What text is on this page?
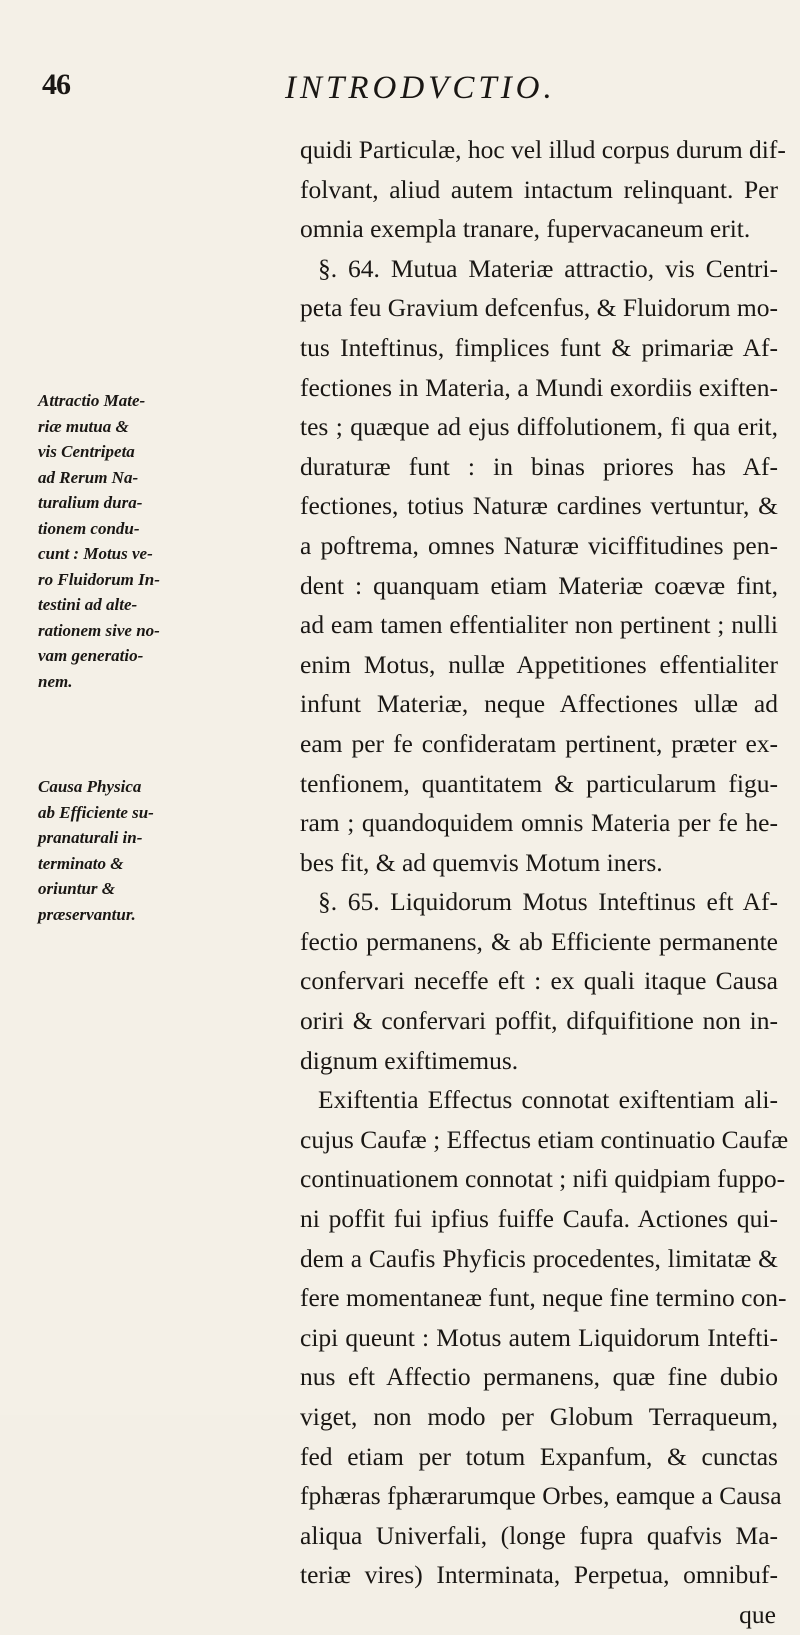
46	INTRODVCTIO.
Attractio Mate-
riæ mutua &
vis Centripeta
ad Rerum Na-
turalium dura-
tionem condu-
cunt : Motus ve-
ro Fluidorum In-
testini ad alte-
rationem sive no-
vam generatio-
nem.
Causa Physica
ab Efficiente su-
pranaturali in-
terminato &
oriuntur &
præservantur.
quidi Particulæ, hoc vel illud corpus durum dif-
folvant, aliud autem intactum relinquant. Per
omnia exempla tranare, fupervacaneum erit.
§. 64. Mutua Materiæ attractio, vis Centri-
peta feu Gravium defcenfus, & Fluidorum mo-
tus Inteftinus, fimplices funt & primariæ Af-
fectiones in Materia, a Mundi exordiis exiften-
tes ; quæque ad ejus diffolutionem, fi qua erit,
duraturæ funt : in binas priores has Af-
fectiones, totius Naturæ cardines vertuntur, &
a poftrema, omnes Naturæ viciffitudines pen-
dent : quanquam etiam Materiæ coævæ fint,
ad eam tamen effentialiter non pertinent ; nulli
enim Motus, nullæ Appetitiones effentialiter
infunt Materiæ, neque Affectiones ullæ ad
eam per fe confideratam pertinent, præter ex-
tenfionem, quantitatem & particularum figu-
ram ; quandoquidem omnis Materia per fe he-
bes fit, & ad quemvis Motum iners.
§. 65. Liquidorum Motus Inteftinus eft Af-
fectio permanens, & ab Efficiente permanente
confervari neceffe eft : ex quali itaque Causa
oriri & confervari poffit, difquifitione non in-
dignum exiftimemus.
Exiftentia Effectus connotat exiftentiam ali-
cujus Caufæ ; Effectus etiam continuatio Caufæ
continuationem connotat ; nifi quidpiam fuppo-
ni poffit fui ipfius fuiffe Caufa. Actiones qui-
dem a Caufis Phyficis procedentes, limitatæ &
fere momentaneæ funt, neque fine termino con-
cipi queunt : Motus autem Liquidorum Intefti-
nus eft Affectio permanens, quæ fine dubio
viget, non modo per Globum Terraqueum,
fed etiam per totum Expanfum, & cunctas
fphæras fphærarumque Orbes, eamque a Causa
aliqua Univerfali, (longe fupra quafvis Ma-
teriæ vires) Interminata, Perpetua, omnibuf-
que
